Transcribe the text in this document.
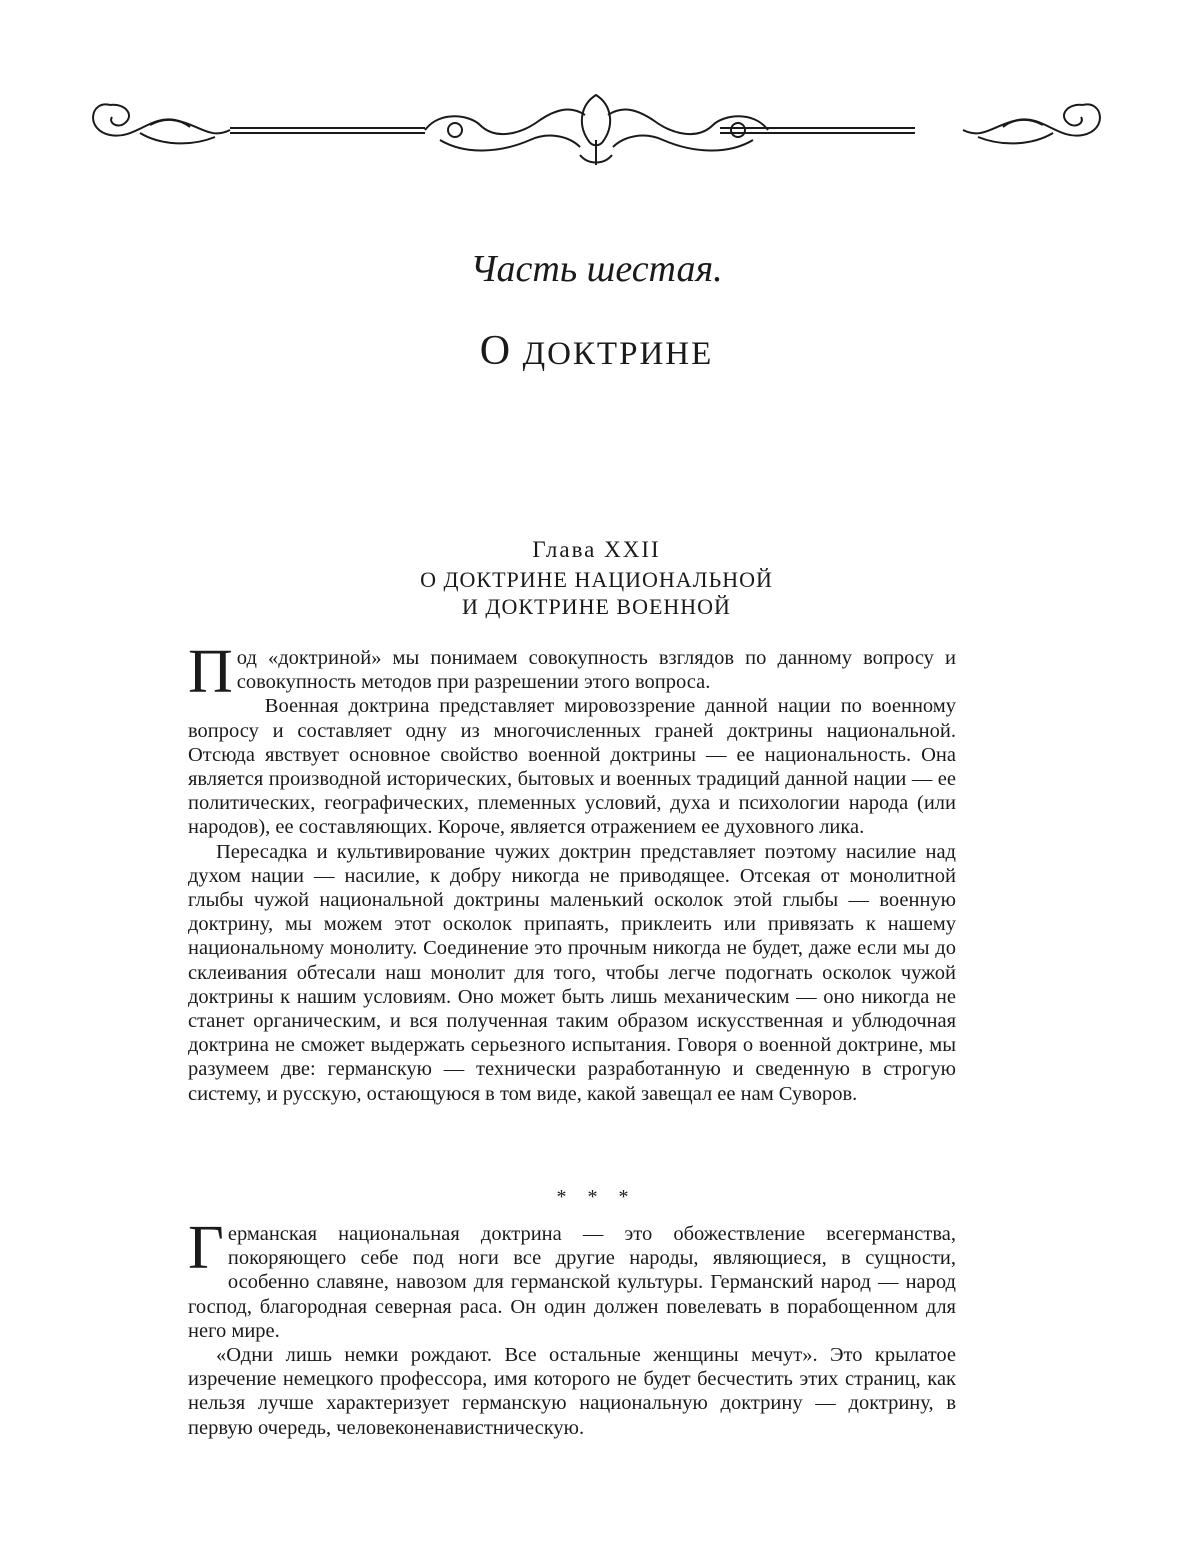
Часть шестая.
О ДОКТРИНЕ
Глава XXII
О ДОКТРИНЕ НАЦИОНАЛЬНОЙ
И ДОКТРИНЕ ВОЕННОЙ

Под «доктриной» мы понимаем совокупность взглядов по данному вопросу и совокупность методов при разрешении этого вопроса.

Военная доктрина представляет мировоззрение данной нации по военному вопросу и составляет одну из многочисленных граней доктрины национальной. Отсюда явствует основное свойство военной доктрины — ее национальность. Она является производной исторических, бытовых и военных традиций данной нации — ее политических, географических, племенных условий, духа и психологии народа (или народов), ее составляющих. Короче, является отражением ее духовного лика.

Пересадка и культивирование чужих доктрин представляет поэтому насилие над духом нации — насилие, к добру никогда не приводящее. Отсекая от монолитной глыбы чужой национальной доктрины маленький осколок этой глыбы — военную доктрину, мы можем этот осколок припаять, приклеить или привязать к нашему национальному монолиту. Соединение это прочным никогда не будет, даже если мы до склеивания обтесали наш монолит для того, чтобы легче подогнать осколок чужой доктрины к нашим условиям. Оно может быть лишь механическим — оно никогда не станет органическим, и вся полученная таким образом искусственная и ублюдочная доктрина не сможет выдержать серьезного испытания. Говоря о военной доктрине, мы разумеем две: германскую — технически разработанную и сведенную в строгую систему, и русскую, остающуюся в том виде, какой завещал ее нам Суворов.

* * *

Германская национальная доктрина — это обожествление всегерманства, покоряющего себе под ноги все другие народы, являющиеся, в сущности, особенно славяне, навозом для германской культуры. Германский народ — народ господ, благородная северная раса. Он один должен повелевать в порабощенном для него мире.

«Одни лишь немки рождают. Все остальные женщины мечут». Это крылатое изречение немецкого профессора, имя которого не будет бесчестить этих страниц, как нельзя лучше характеризует германскую национальную доктрину — доктрину, в первую очередь, человеконенавистническую.
